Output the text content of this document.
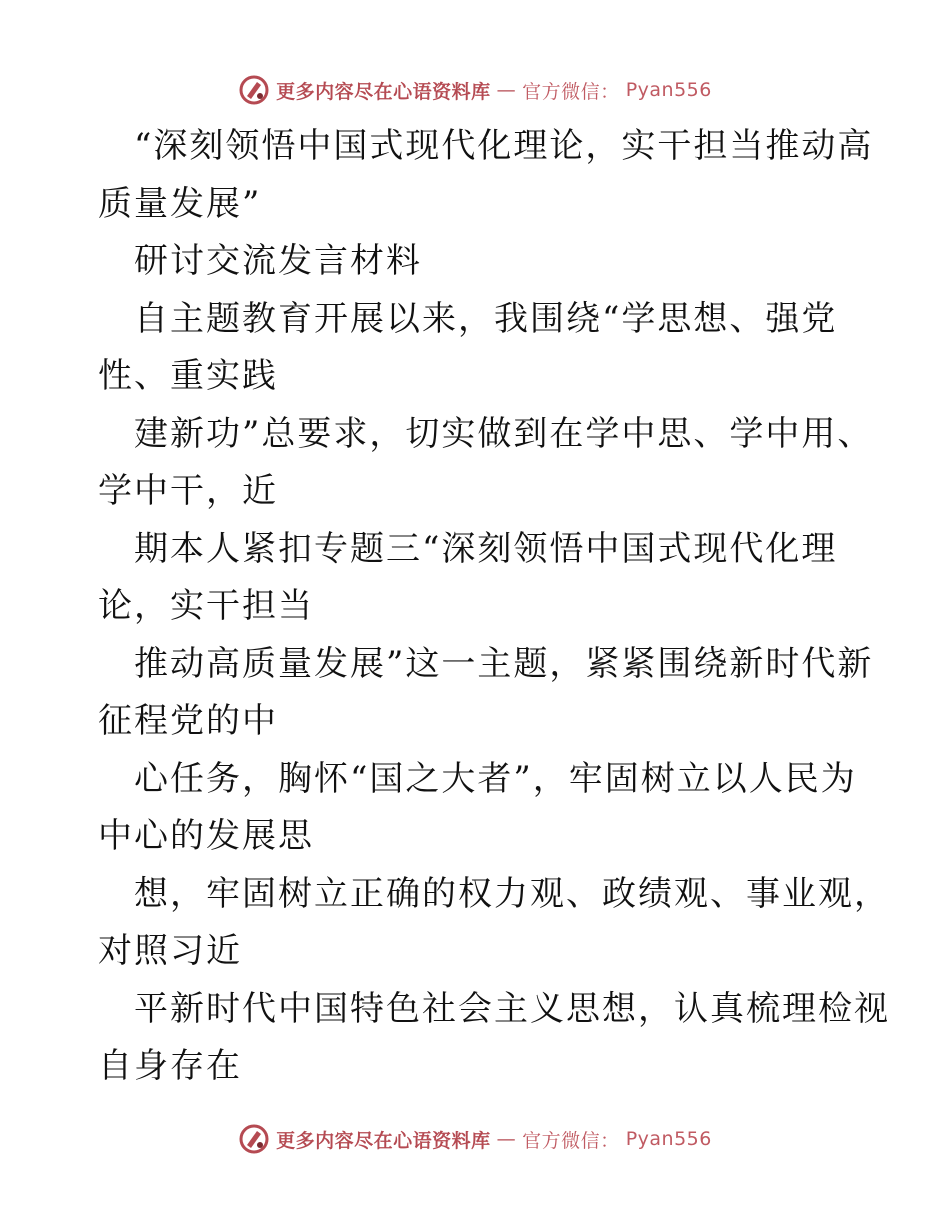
更多内容尽在心语资料库 — 官方微信： Pyan556
“深刻领悟中国式现代化理论，实干担当推动高
质量发展”
研讨交流发言材料
自主题教育开展以来，我围绕“学思想、强党
性、重实践
建新功”总要求，切实做到在学中思、学中用、
学中干，近
期本人紧扣专题三“深刻领悟中国式现代化理
论，实干担当
推动高质量发展”这一主题，紧紧围绕新时代新
征程党的中
心任务，胸怀“国之大者”，牢固树立以人民为
中心的发展思
想，牢固树立正确的权力观、政绩观、事业观，
对照习近
平新时代中国特色社会主义思想，认真梳理检视
自身存在
更多内容尽在心语资料库 — 官方微信： Pyan556
